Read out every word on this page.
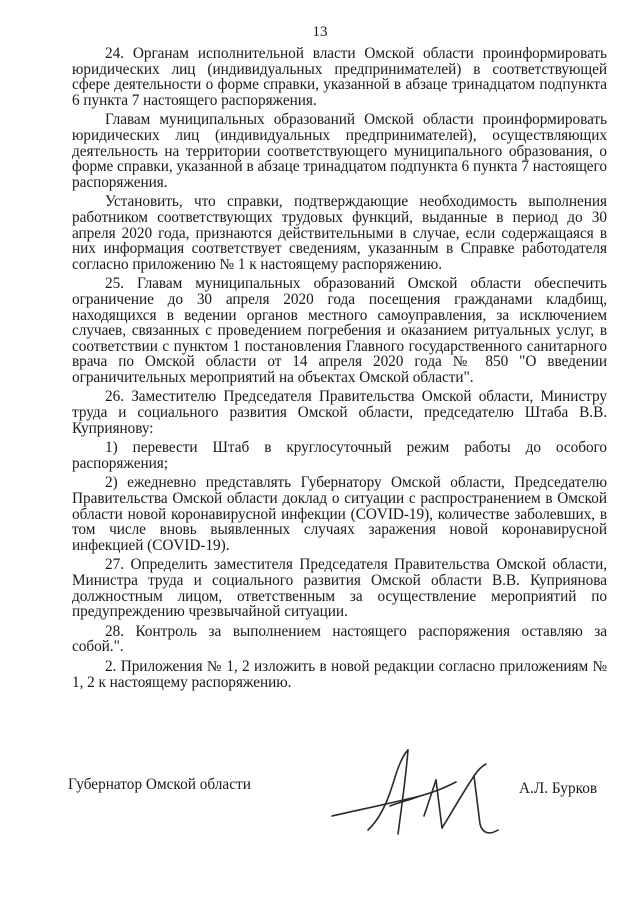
13

24. Органам исполнительной власти Омской области проинформировать юридических лиц (индивидуальных предпринимателей) в соответствующей сфере деятельности о форме справки, указанной в абзаце тринадцатом подпункта 6 пункта 7 настоящего распоряжения.

Главам муниципальных образований Омской области проинформировать юридических лиц (индивидуальных предпринимателей), осуществляющих деятельность на территории соответствующего муниципального образования, о форме справки, указанной в абзаце тринадцатом подпункта 6 пункта 7 настоящего распоряжения.

Установить, что справки, подтверждающие необходимость выполнения работником соответствующих трудовых функций, выданные в период до 30 апреля 2020 года, признаются действительными в случае, если содержащаяся в них информация соответствует сведениям, указанным в Справке работодателя согласно приложению № 1 к настоящему распоряжению.

25. Главам муниципальных образований Омской области обеспечить ограничение до 30 апреля 2020 года посещения гражданами кладбищ, находящихся в ведении органов местного самоуправления, за исключением случаев, связанных с проведением погребения и оказанием ритуальных услуг, в соответствии с пунктом 1 постановления Главного государственного санитарного врача по Омской области от 14 апреля 2020 года № 850 "О введении ограничительных мероприятий на объектах Омской области".

26. Заместителю Председателя Правительства Омской области, Министру труда и социального развития Омской области, председателю Штаба В.В. Куприянову:

1) перевести Штаб в круглосуточный режим работы до особого распоряжения;

2) ежедневно представлять Губернатору Омской области, Председателю Правительства Омской области доклад о ситуации с распространением в Омской области новой коронавирусной инфекции (COVID-19), количестве заболевших, в том числе вновь выявленных случаях заражения новой коронавирусной инфекцией (COVID-19).

27. Определить заместителя Председателя Правительства Омской области, Министра труда и социального развития Омской области В.В. Куприянова должностным лицом, ответственным за осуществление мероприятий по предупреждению чрезвычайной ситуации.

28. Контроль за выполнением настоящего распоряжения оставляю за собой.".

2. Приложения № 1, 2 изложить в новой редакции согласно приложениям № 1, 2 к настоящему распоряжению.

Губернатор Омской области	А.Л. Бурков
